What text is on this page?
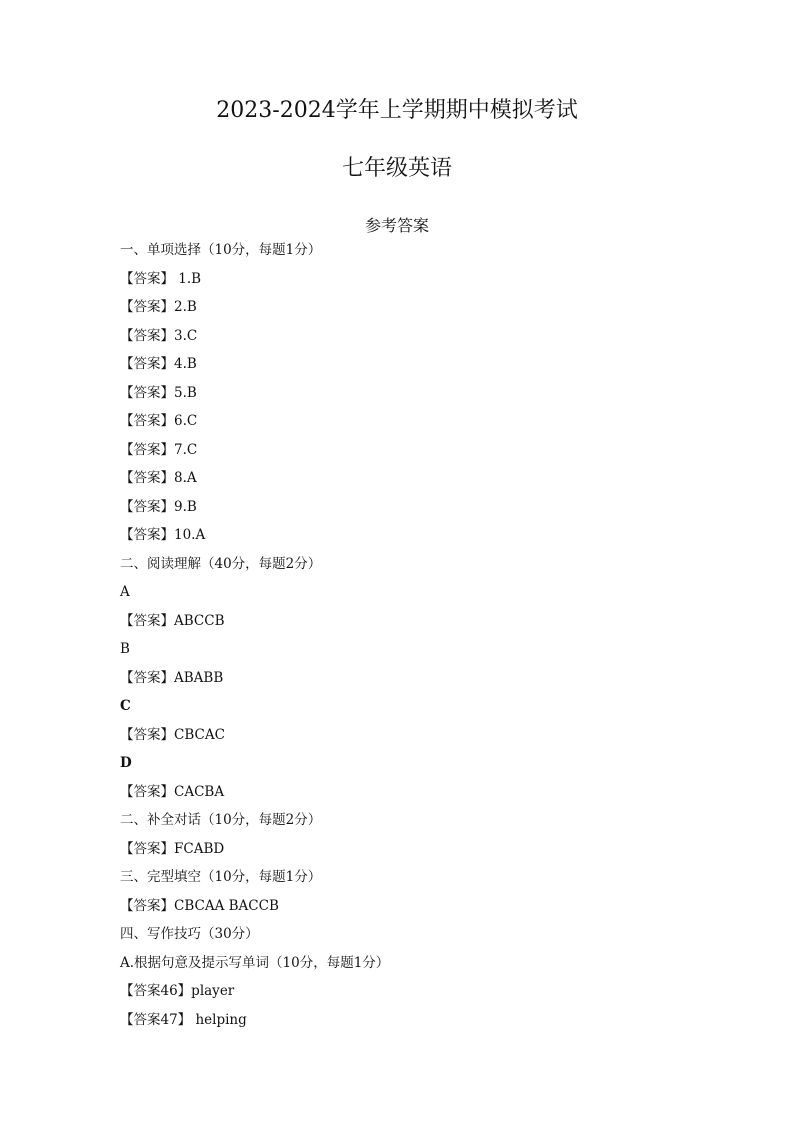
2023-2024学年上学期期中模拟考试
七年级英语
参考答案
一、单项选择（10分，每题1分）
【答案】 1.B
【答案】2.B
【答案】3.C
【答案】4.B
【答案】5.B
【答案】6.C
【答案】7.C
【答案】8.A
【答案】9.B
【答案】10.A
二、阅读理解（40分，每题2分）
A
【答案】ABCCB
B
【答案】ABABB
C
【答案】CBCAC
D
【答案】CACBA
二、补全对话（10分，每题2分）
【答案】FCABD
三、完型填空（10分，每题1分）
【答案】CBCAA BACCB
四、写作技巧（30分）
A.根据句意及提示写单词（10分，每题1分）
【答案46】player
【答案47】 helping
